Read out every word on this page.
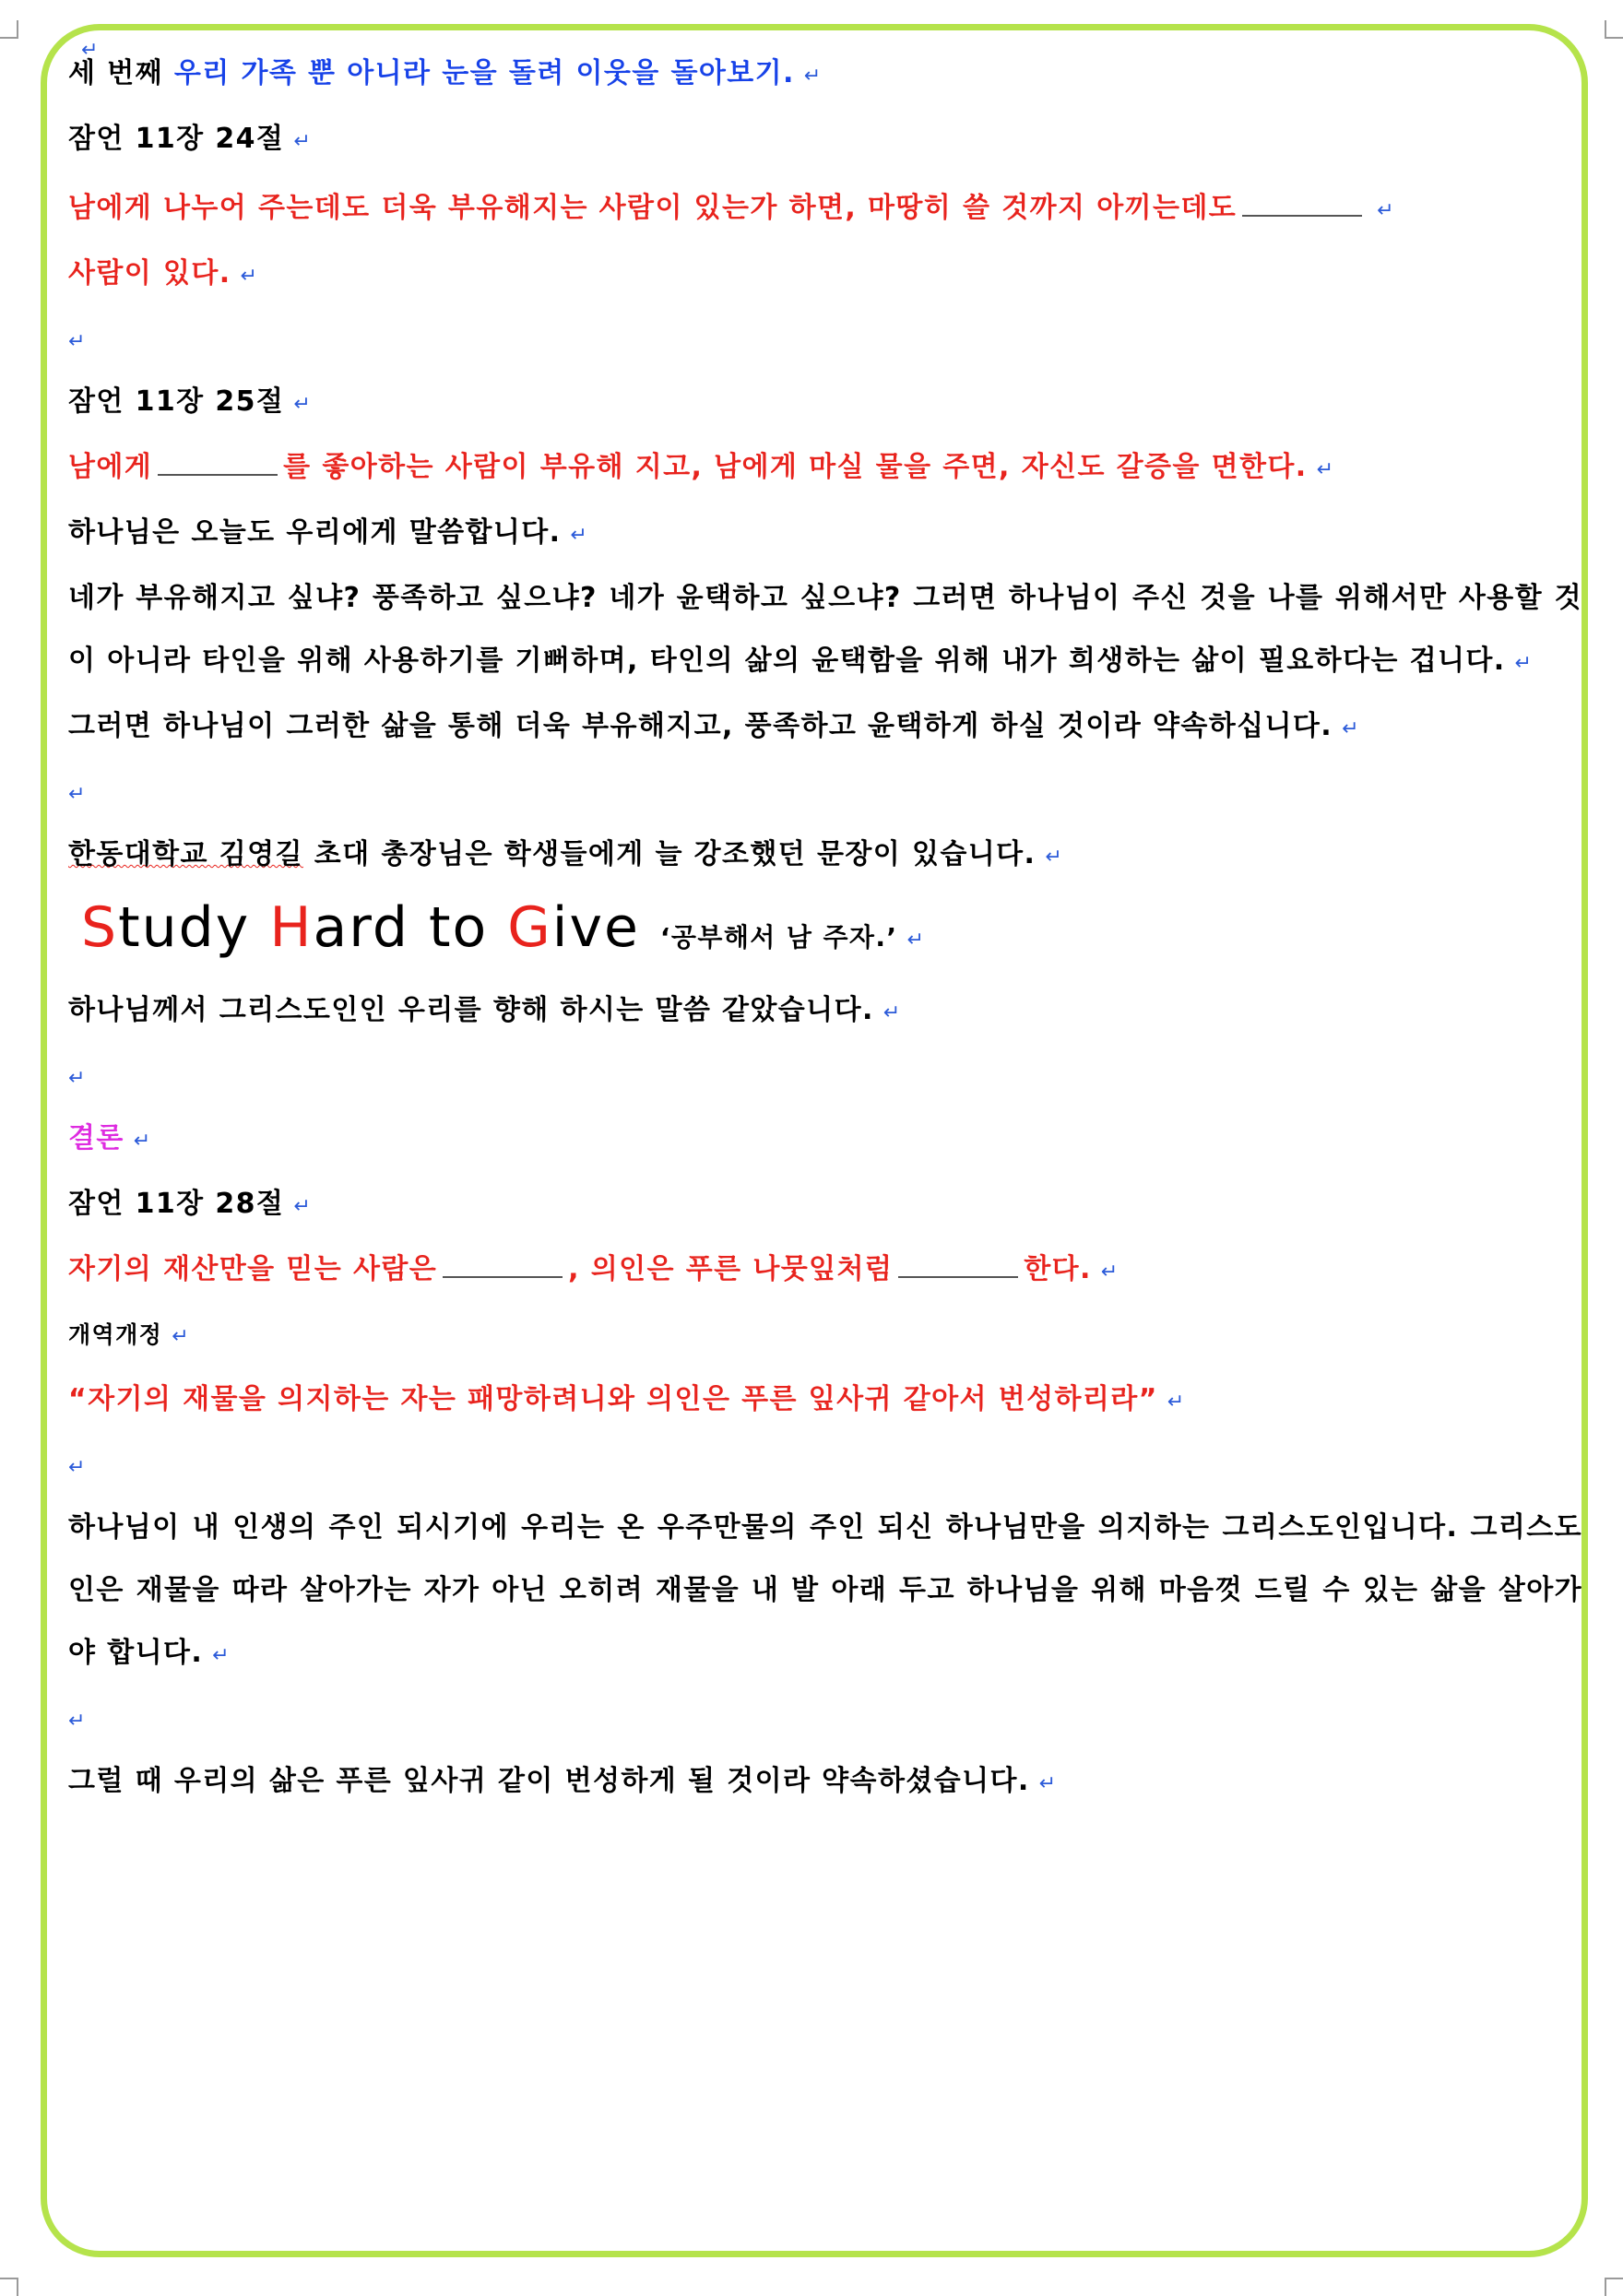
↵

세 번째 우리 가족 뿐 아니라 눈을 돌려 이웃을 돌아보기. ↵

잠언 11장 24절 ↵

남에게 나누어 주는데도 더욱 부유해지는 사람이 있는가 하면, 마땅히 쓸 것까지 아끼는데도	↵

사람이 있다. ↵

↵

잠언 11장 25절 ↵

남에게	를 좋아하는 사람이 부유해 지고, 남에게 마실 물을 주면, 자신도 갈증을 면한다. ↵

하나님은 오늘도 우리에게 말씀합니다. ↵

네가 부유해지고 싶냐? 풍족하고 싶으냐? 네가 윤택하고 싶으냐? 그러면 하나님이 주신 것을 나를 위해서만 사용할 것이 아니라 타인을 위해 사용하기를 기뻐하며, 타인의 삶의 윤택함을 위해 내가 희생하는 삶이 필요하다는 겁니다. ↵

그러면 하나님이 그러한 삶을 통해 더욱 부유해지고, 풍족하고 윤택하게 하실 것이라 약속하십니다. ↵

↵

한동대학교 김영길 초대 총장님은 학생들에게 늘 강조했던 문장이 있습니다. ↵

Study Hard to Give ‘공부해서 남 주자.’ ↵

하나님께서 그리스도인인 우리를 향해 하시는 말씀 같았습니다. ↵

↵

결론 ↵

잠언 11장 28절 ↵

자기의 재산만을 믿는 사람은	, 의인은 푸른 나뭇잎처럼	한다. ↵

개역개정 ↵

“자기의 재물을 의지하는 자는 패망하려니와 의인은 푸른 잎사귀 같아서 번성하리라” ↵

↵

하나님이 내 인생의 주인 되시기에 우리는 온 우주만물의 주인 되신 하나님만을 의지하는 그리스도인입니다. 그리스도인은 재물을 따라 살아가는 자가 아닌 오히려 재물을 내 발 아래 두고 하나님을 위해 마음껏 드릴 수 있는 삶을 살아가야 합니다. ↵

↵

그럴 때 우리의 삶은 푸른 잎사귀 같이 번성하게 될 것이라 약속하셨습니다. ↵
